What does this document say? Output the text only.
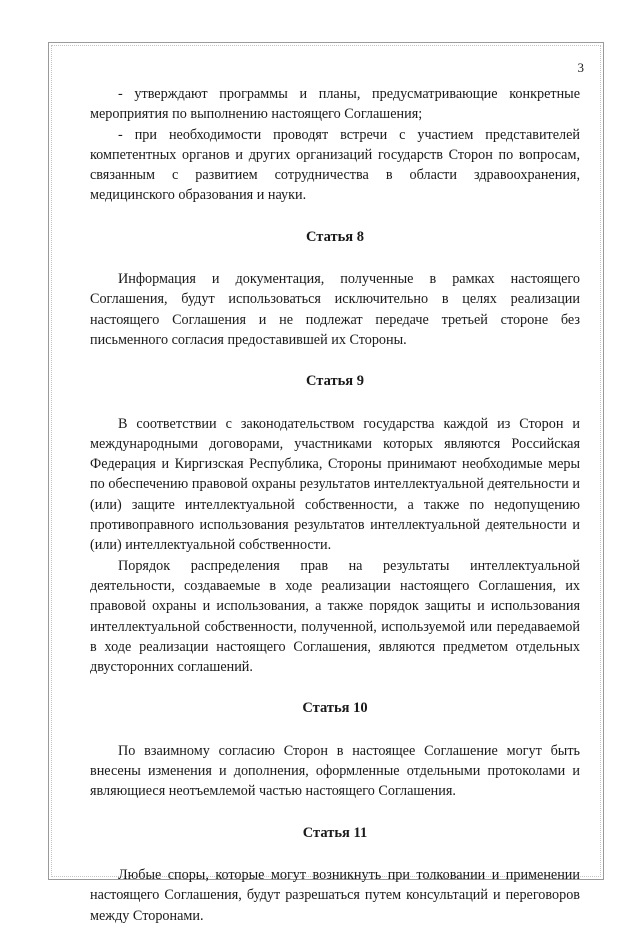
3

- утверждают программы и планы, предусматривающие конкретные мероприятия по выполнению настоящего Соглашения;

- при необходимости проводят встречи с участием представителей компетентных органов и других организаций государств Сторон по вопросам, связанным с развитием сотрудничества в области здравоохранения, медицинского образования и науки.

Статья 8

Информация и документация, полученные в рамках настоящего Соглашения, будут использоваться исключительно в целях реализации настоящего Соглашения и не подлежат передаче третьей стороне без письменного согласия предоставившей их Стороны.

Статья 9

В соответствии с законодательством государства каждой из Сторон и международными договорами, участниками которых являются Российская Федерация и Киргизская Республика, Стороны принимают необходимые меры по обеспечению правовой охраны результатов интеллектуальной деятельности и (или) защите интеллектуальной собственности, а также по недопущению противоправного использования результатов интеллектуальной деятельности и (или) интеллектуальной собственности.

Порядок распределения прав на результаты интеллектуальной деятельности, создаваемые в ходе реализации настоящего Соглашения, их правовой охраны и использования, а также порядок защиты и использования интеллектуальной собственности, полученной, используемой или передаваемой в ходе реализации настоящего Соглашения, являются предметом отдельных двусторонних соглашений.

Статья 10

По взаимному согласию Сторон в настоящее Соглашение могут быть внесены изменения и дополнения, оформленные отдельными протоколами и являющиеся неотъемлемой частью настоящего Соглашения.

Статья 11

Любые споры, которые могут возникнуть при толковании и применении настоящего Соглашения, будут разрешаться путем консультаций и переговоров между Сторонами.
